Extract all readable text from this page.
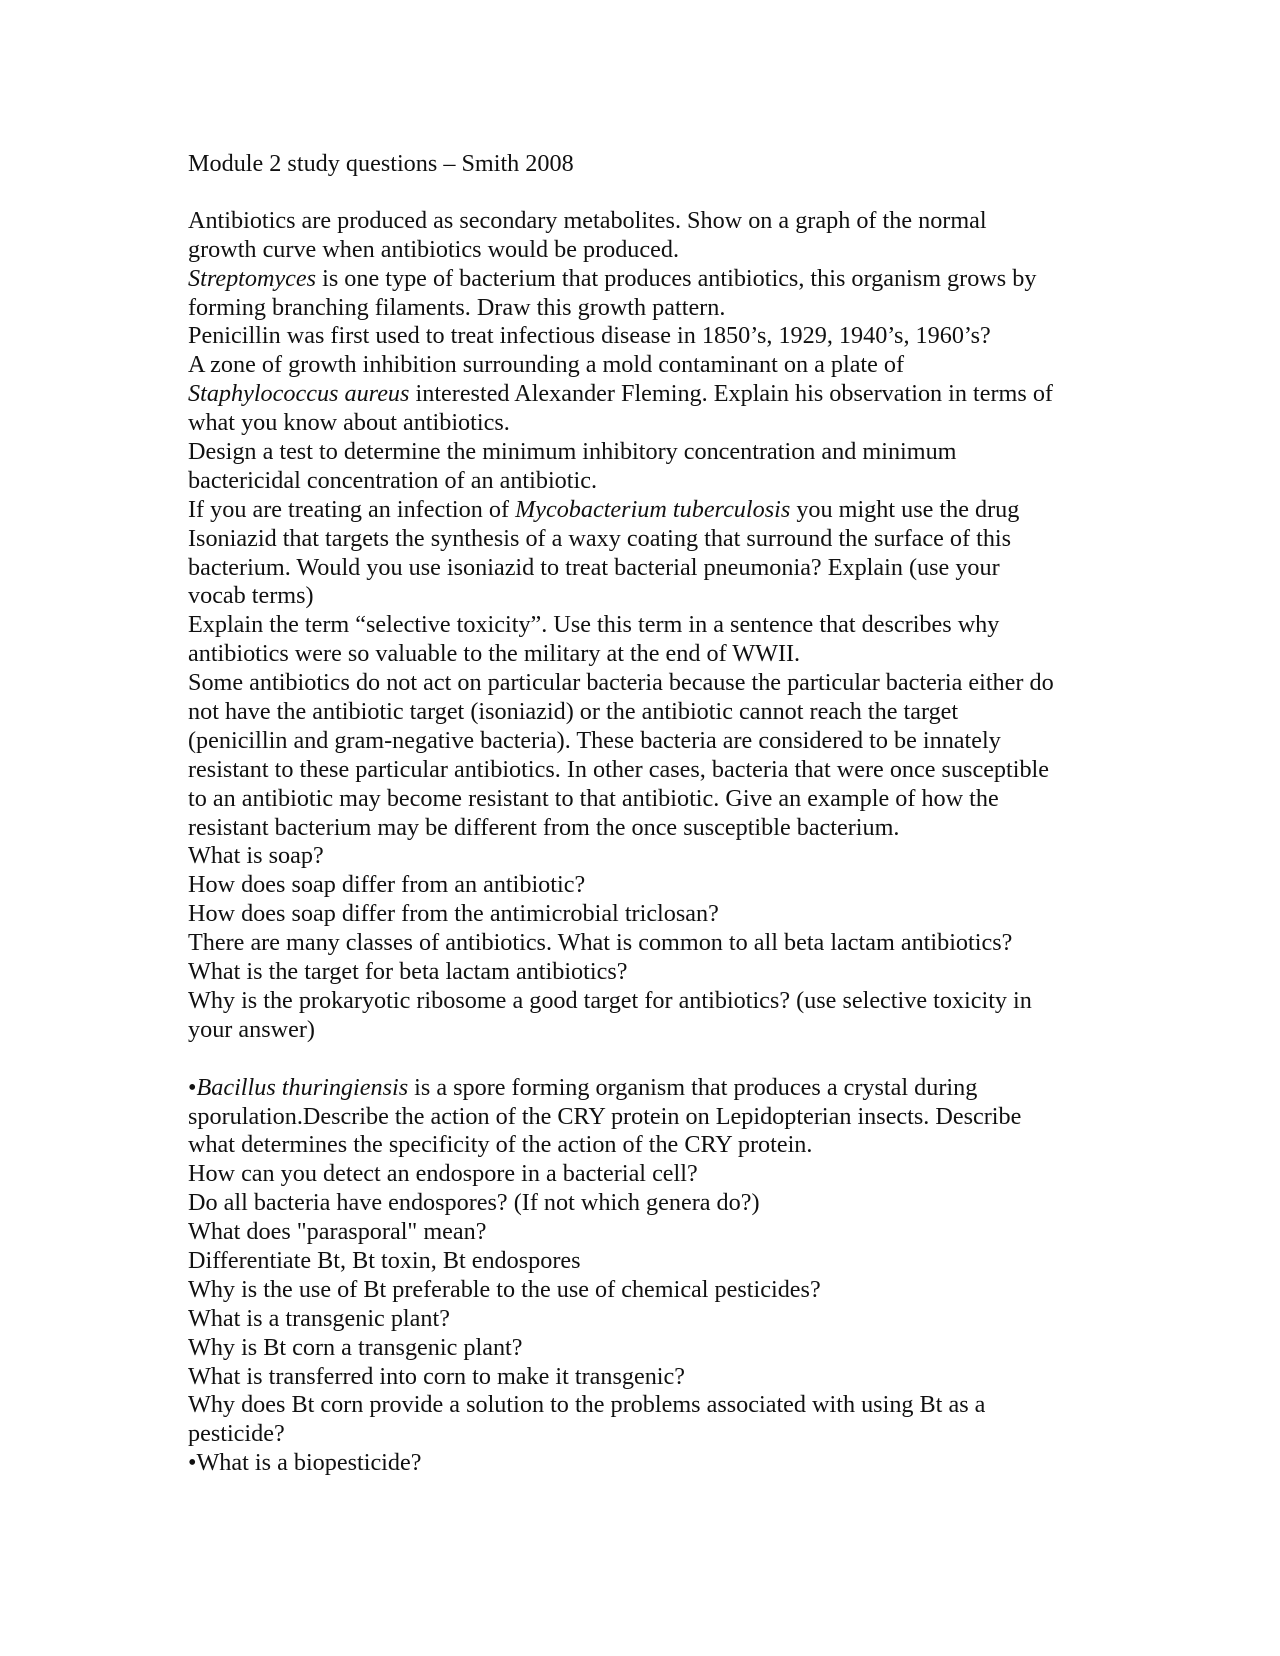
Module 2 study questions – Smith 2008
Antibiotics are produced as secondary metabolites. Show on a graph of the normal
growth curve when antibiotics would be produced.
Streptomyces is one type of bacterium that produces antibiotics, this organism grows by
forming branching filaments. Draw this growth pattern.
Penicillin was first used to treat infectious disease in 1850’s, 1929, 1940’s, 1960’s?
A zone of growth inhibition surrounding a mold contaminant on a plate of
Staphylococcus aureus interested Alexander Fleming. Explain his observation in terms of
what you know about antibiotics.
Design a test to determine the minimum inhibitory concentration and minimum
bactericidal concentration of an antibiotic.
If you are treating an infection of Mycobacterium tuberculosis you might use the drug
Isoniazid that targets the synthesis of a waxy coating that surround the surface of this
bacterium. Would you use isoniazid to treat bacterial pneumonia? Explain (use your
vocab terms)
Explain the term “selective toxicity”. Use this term in a sentence that describes why
antibiotics were so valuable to the military at the end of WWII.
Some antibiotics do not act on particular bacteria because the particular bacteria either do
not have the antibiotic target (isoniazid) or the antibiotic cannot reach the target
(penicillin and gram-negative bacteria). These bacteria are considered to be innately
resistant to these particular antibiotics. In other cases, bacteria that were once susceptible
to an antibiotic may become resistant to that antibiotic. Give an example of how the
resistant bacterium may be different from the once susceptible bacterium.
What is soap?
How does soap differ from an antibiotic?
How does soap differ from the antimicrobial triclosan?
There are many classes of antibiotics. What is common to all beta lactam antibiotics?
What is the target for beta lactam antibiotics?
Why is the prokaryotic ribosome a good target for antibiotics? (use selective toxicity in
your answer)
•Bacillus thuringiensis is a spore forming organism that produces a crystal during
sporulation.Describe the action of the CRY protein on Lepidopterian insects. Describe
what determines the specificity of the action of the CRY protein.
How can you detect an endospore in a bacterial cell?
Do all bacteria have endospores? (If not which genera do?)
What does "parasporal" mean?
Differentiate Bt, Bt toxin, Bt endospores
Why is the use of Bt preferable to the use of chemical pesticides?
What is a transgenic plant?
Why is Bt corn a transgenic plant?
What is transferred into corn to make it transgenic?
Why does Bt corn provide a solution to the problems associated with using Bt as a
pesticide?
•What is a biopesticide?
